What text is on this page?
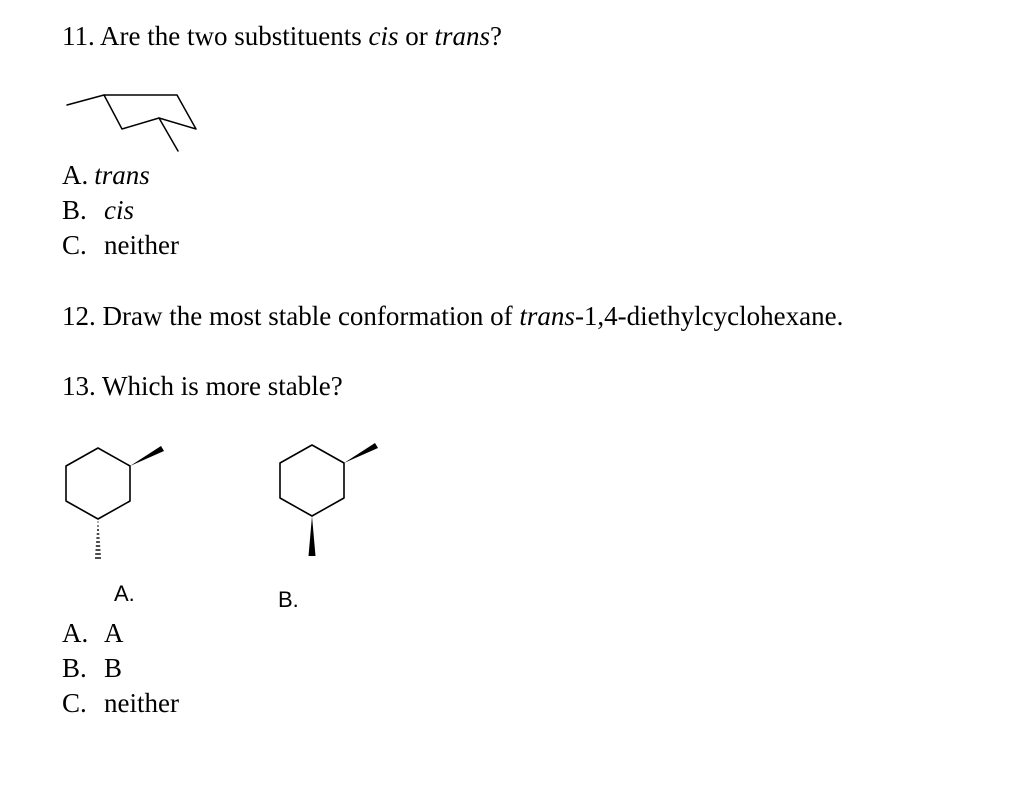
11. Are the two substituents cis or trans?
A. trans
B. cis
C. neither
12. Draw the most stable conformation of trans-1,4-diethylcyclohexane.
13. Which is more stable?
A.	B.
A. A
B. B
C. neither
